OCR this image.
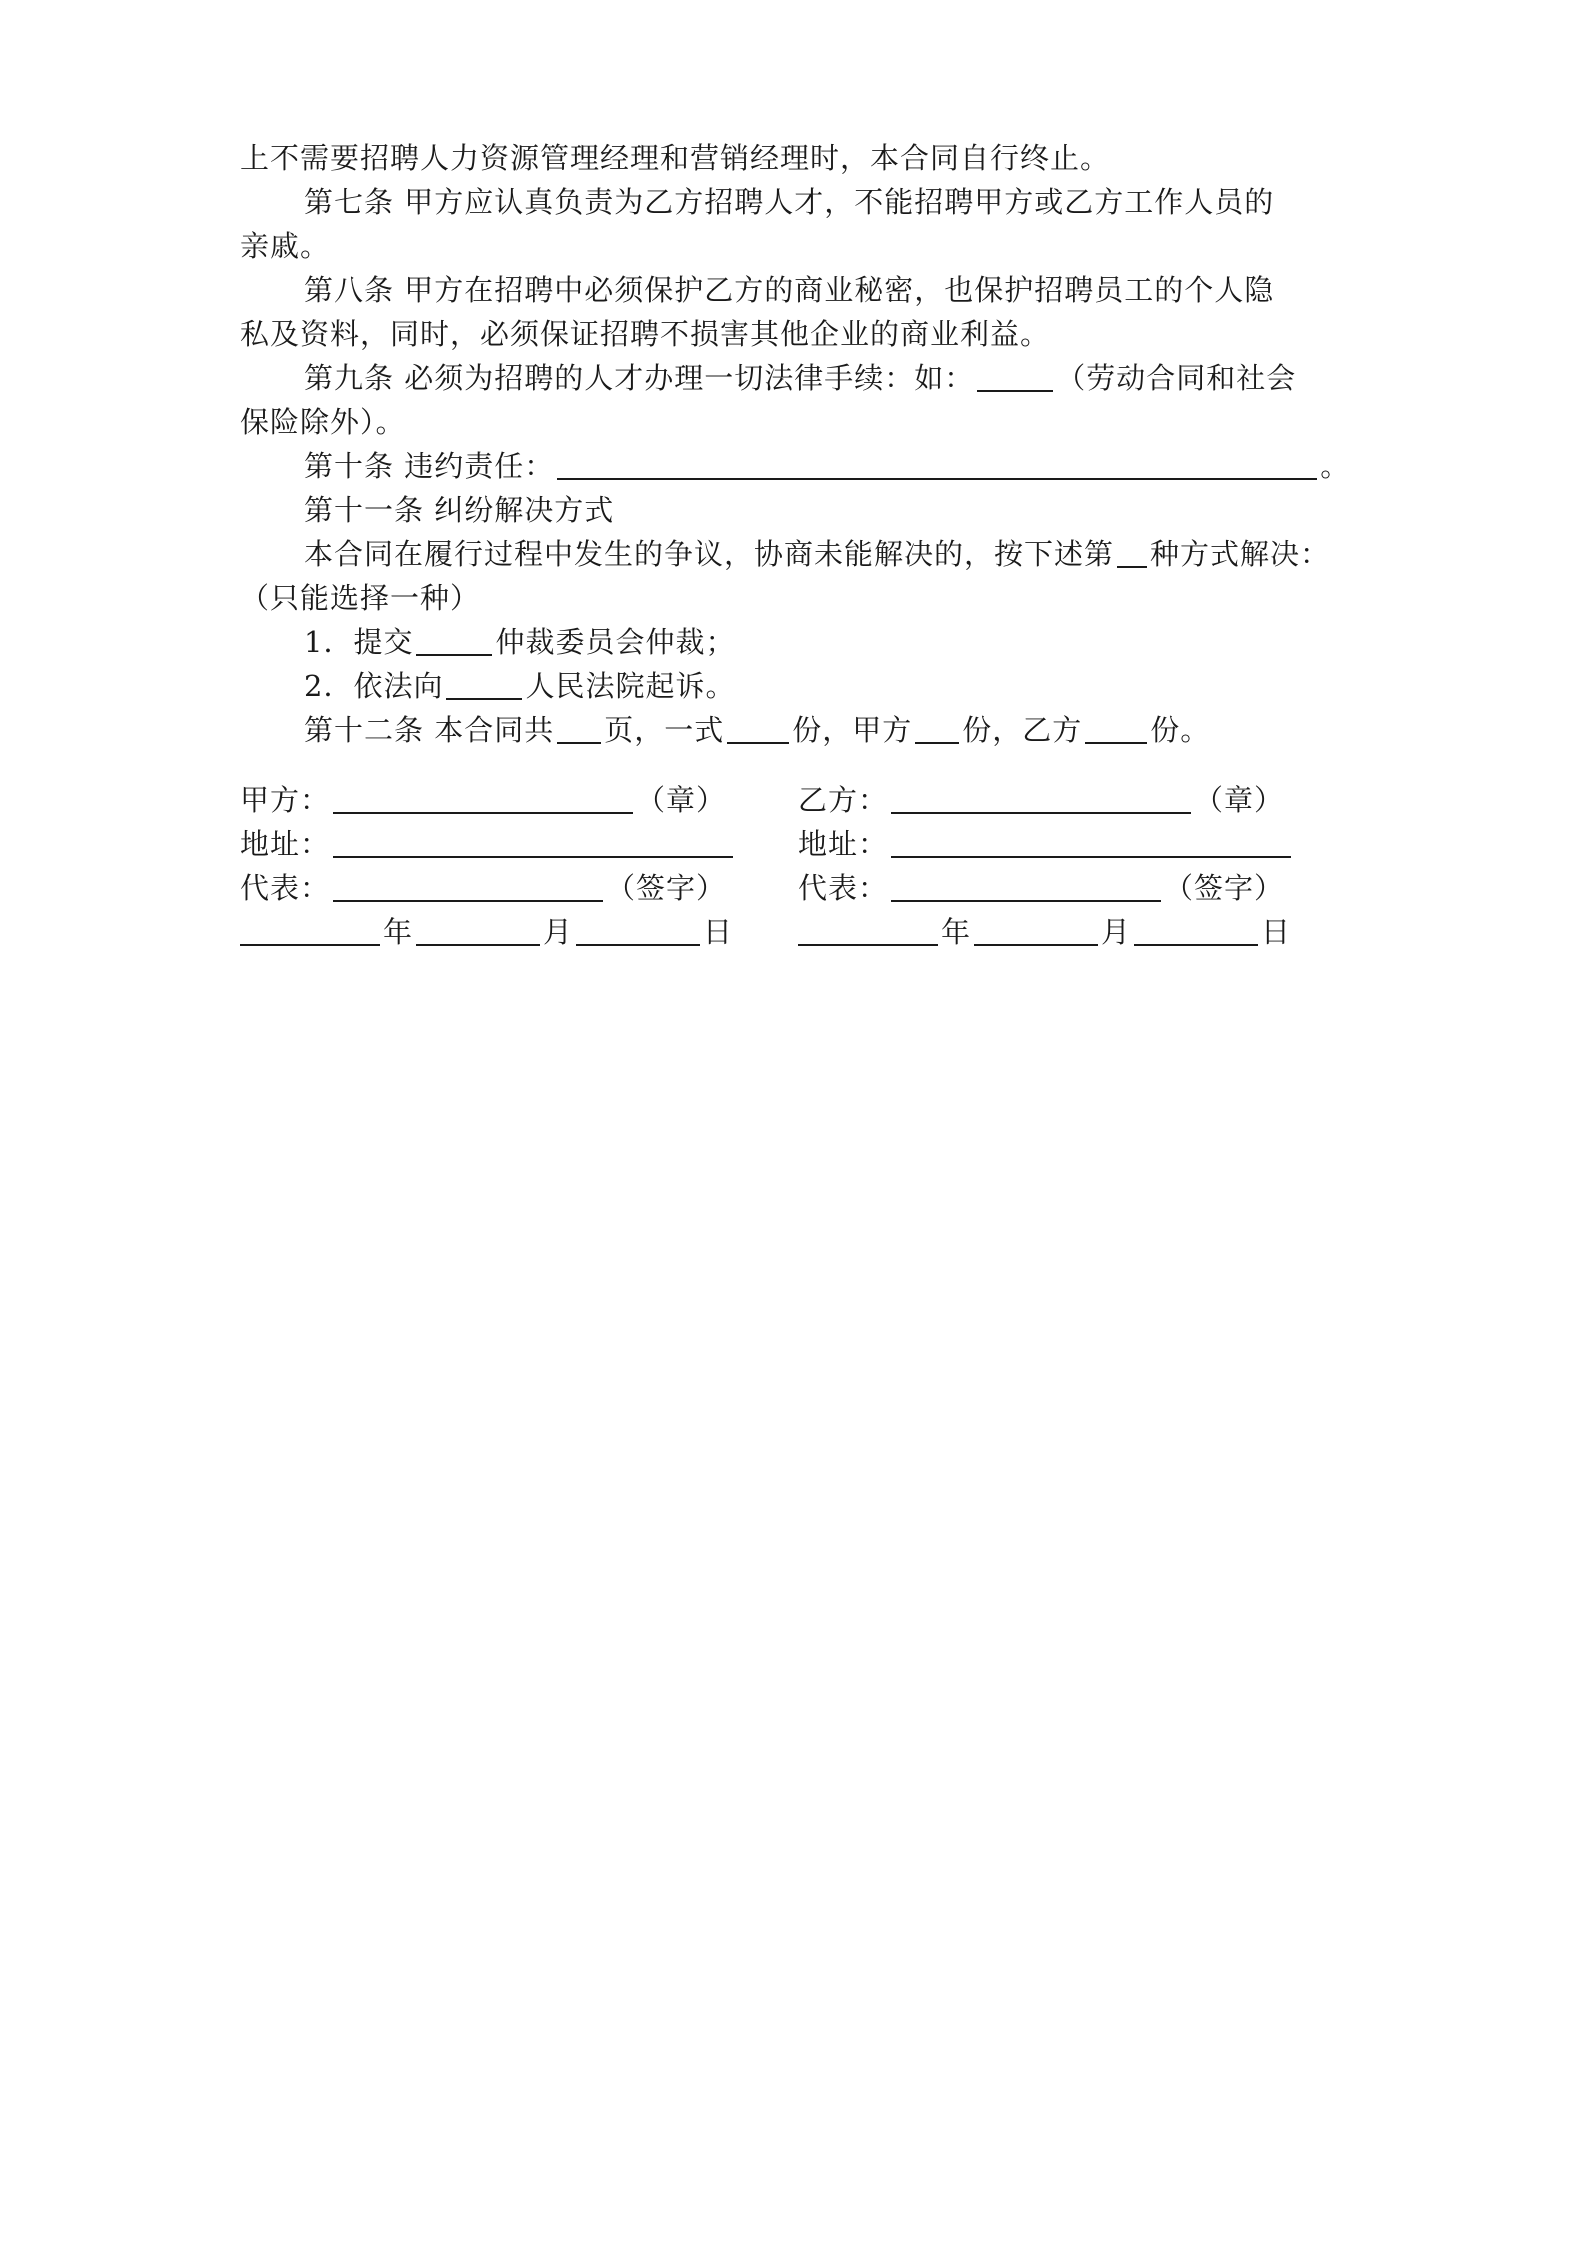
上不需要招聘人力资源管理经理和营销经理时，本合同自行终止。
第七条 甲方应认真负责为乙方招聘人才，不能招聘甲方或乙方工作人员的
亲戚。
第八条 甲方在招聘中必须保护乙方的商业秘密，也保护招聘员工的个人隐
私及资料，同时，必须保证招聘不损害其他企业的商业利益。
第九条 必须为招聘的人才办理一切法律手续：如：	（劳动合同和社会
保险除外）。
第十条 违约责任：	。
第十一条 纠纷解决方式
本合同在履行过程中发生的争议，协商未能解决的，按下述第 种方式解决：
（只能选择一种）
1．提交	仲裁委员会仲裁；
2．依法向	人民法院起诉。
第十二条 本合同共 页，一式 份，甲方 份，乙方 份。
甲方：	（章） 乙方：	（章）
地址：	地址：
代表：	（签字） 代表：	（签字）
年	月	日	年	月	日
